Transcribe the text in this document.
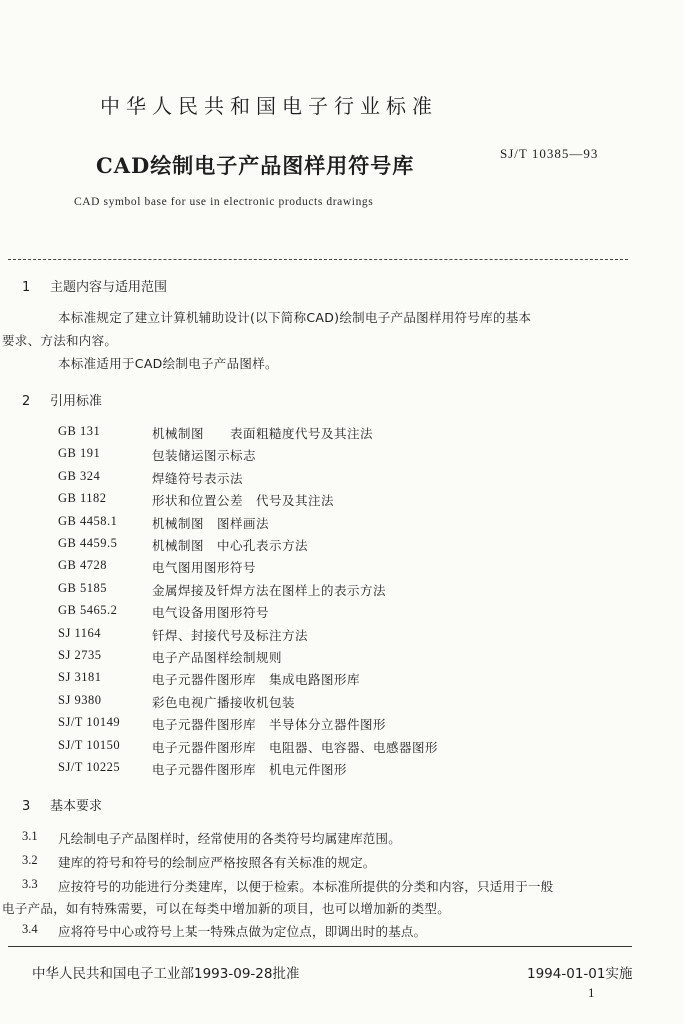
中华人民共和国电子行业标准
CAD绘制电子产品图样用符号库	SJ/T 10385—93
CAD symbol base for use in electronic products drawings
1 主题内容与适用范围
本标准规定了建立计算机辅助设计(以下简称CAD)绘制电子产品图样用符号库的基本
要求、方法和内容。
本标准适用于CAD绘制电子产品图样。
2 引用标准
GB 131	机械制图　　表面粗糙度代号及其注法
GB 191	包装储运图示标志
GB 324	焊缝符号表示法
GB 1182	形状和位置公差　代号及其注法
GB 4458.1	机械制图　图样画法
GB 4459.5	机械制图　中心孔表示方法
GB 4728	电气图用图形符号
GB 5185	金属焊接及钎焊方法在图样上的表示方法
GB 5465.2	电气设备用图形符号
SJ 1164	钎焊、封接代号及标注方法
SJ 2735	电子产品图样绘制规则
SJ 3181	电子元器件图形库　集成电路图形库
SJ 9380	彩色电视广播接收机包装
SJ/T 10149	电子元器件图形库　半导体分立器件图形
SJ/T 10150	电子元器件图形库　电阻器、电容器、电感器图形
SJ/T 10225	电子元器件图形库　机电元件图形
3 基本要求
3.1 凡绘制电子产品图样时，经常使用的各类符号均属建库范围。
3.2 建库的符号和符号的绘制应严格按照各有关标准的规定。
3.3 应按符号的功能进行分类建库，以便于检索。本标准所提供的分类和内容，只适用于一般
电子产品，如有特殊需要，可以在每类中增加新的项目，也可以增加新的类型。
3.4 应将符号中心或符号上某一特殊点做为定位点，即调出时的基点。
中华人民共和国电子工业部1993-09-28批准	1994-01-01实施
1
